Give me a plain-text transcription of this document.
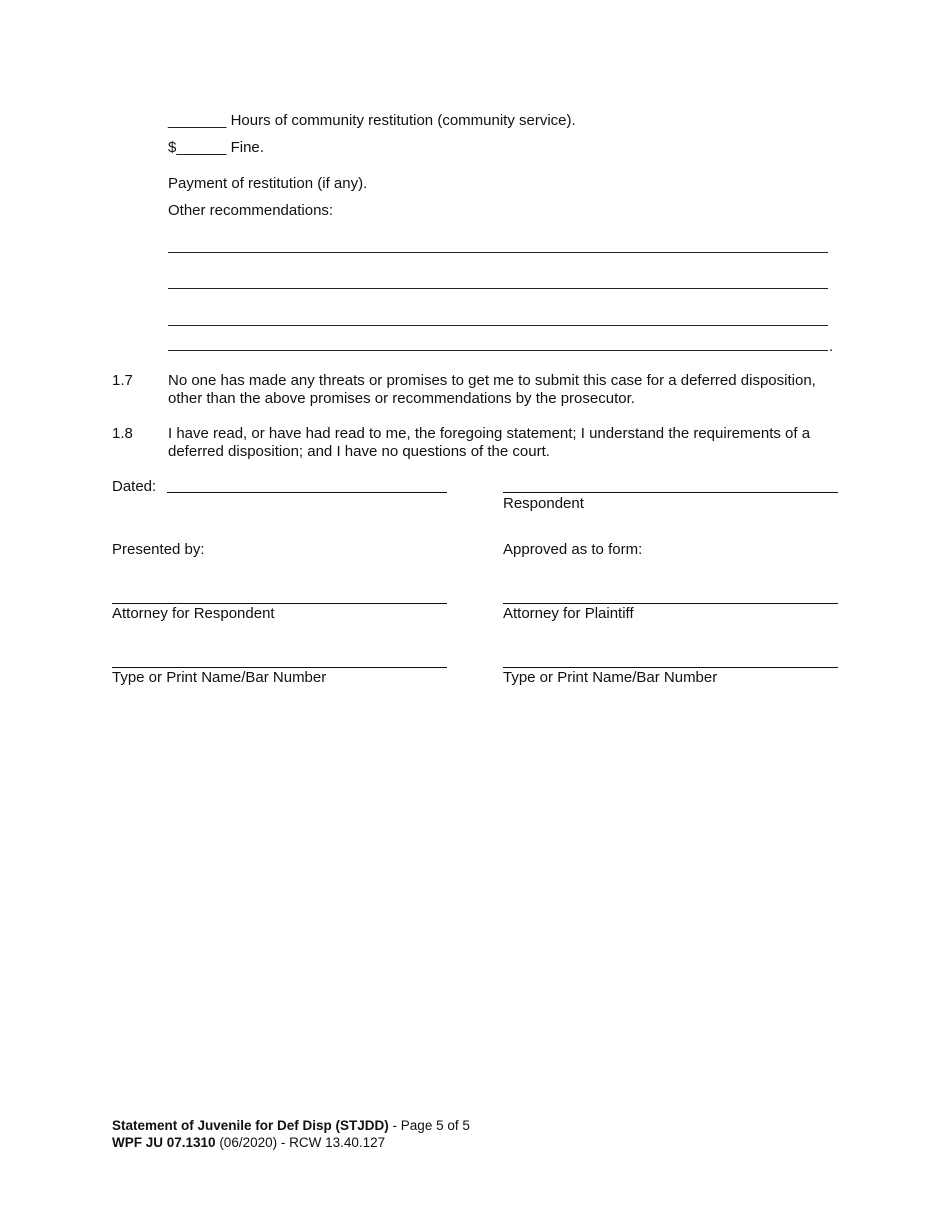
_______ Hours of community restitution (community service).
$______ Fine.
Payment of restitution (if any).
Other recommendations:
.
1.7 No one has made any threats or promises to get me to submit this case for a deferred disposition, other than the above promises or recommendations by the prosecutor.
1.8 I have read, or have had read to me, the foregoing statement; I understand the requirements of a deferred disposition; and I have no questions of the court.
Dated:
Respondent
Presented by:	Approved as to form:
Attorney for Respondent	Attorney for Plaintiff
Type or Print Name/Bar Number	Type or Print Name/Bar Number
Statement of Juvenile for Def Disp (STJDD) - Page 5 of 5
WPF JU 07.1310 (06/2020) - RCW 13.40.127
